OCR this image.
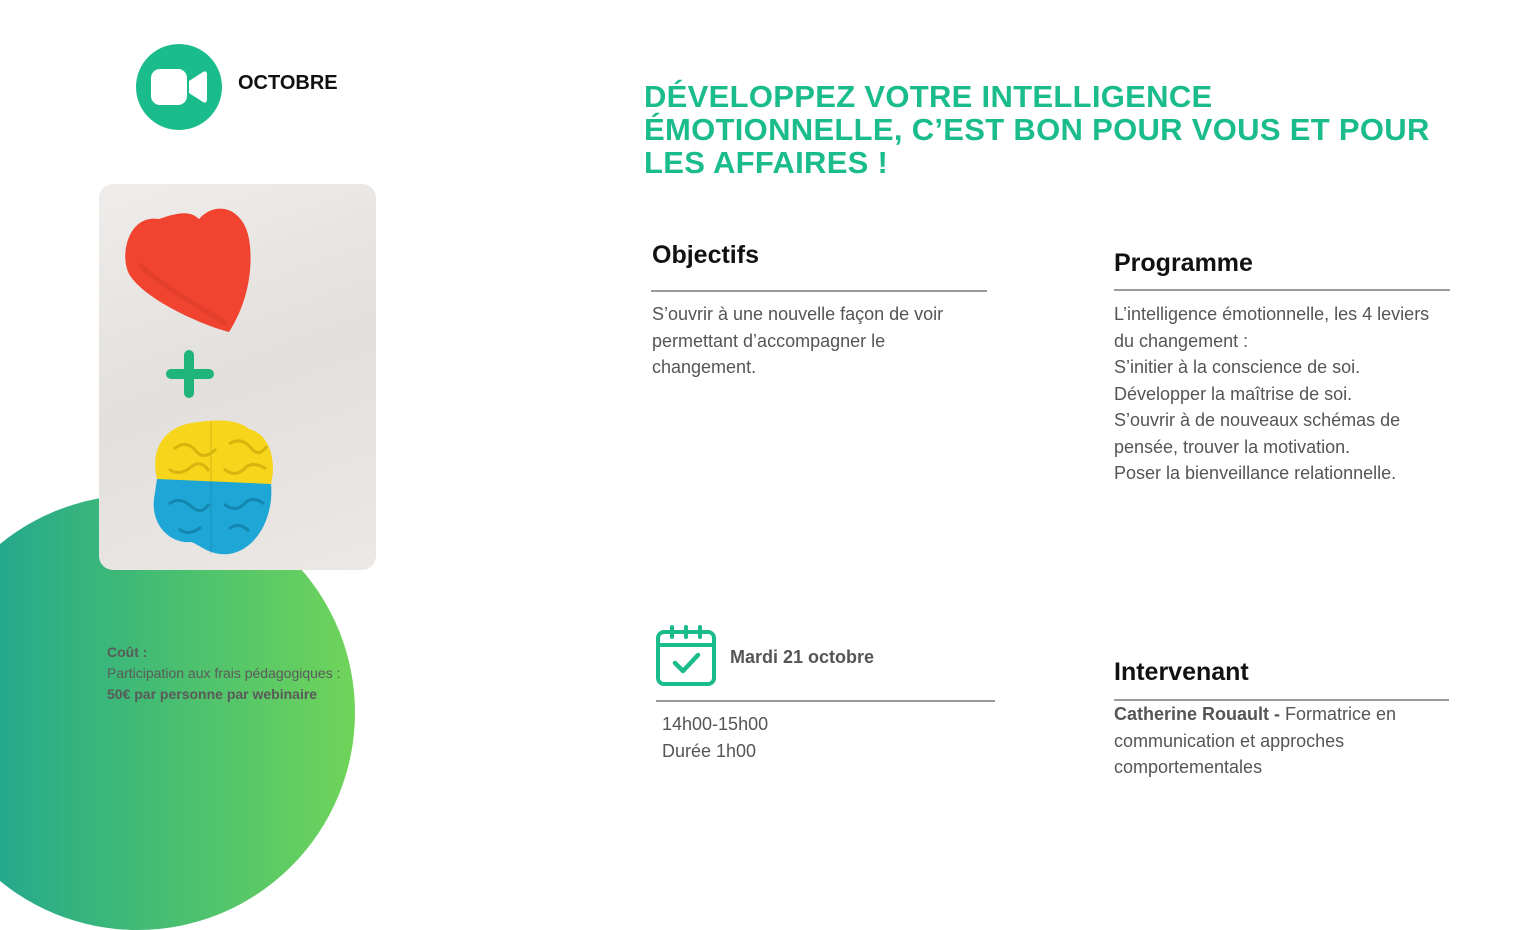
OCTOBRE	DÉVELOPPEZ VOTRE INTELLIGENCE
ÉMOTIONNELLE, C’EST BON POUR VOUS ET POUR
LES AFFAIRES !
Objectifs
S’ouvrir à une nouvelle façon de voir
permettant d’accompagner le
changement.
Programme
L’intelligence émotionnelle, les 4 leviers
du changement :
S’initier à la conscience de soi.
Développer la maîtrise de soi.
S’ouvrir à de nouveaux schémas de
pensée, trouver la motivation.
Poser la bienveillance relationnelle.
Mardi 21 octobre
14h00-15h00
Durée 1h00
Intervenant
Catherine Rouault - Formatrice en
communication et approches
comportementales
Coût :
Participation aux frais pédagogiques :
50€ par personne par webinaire
